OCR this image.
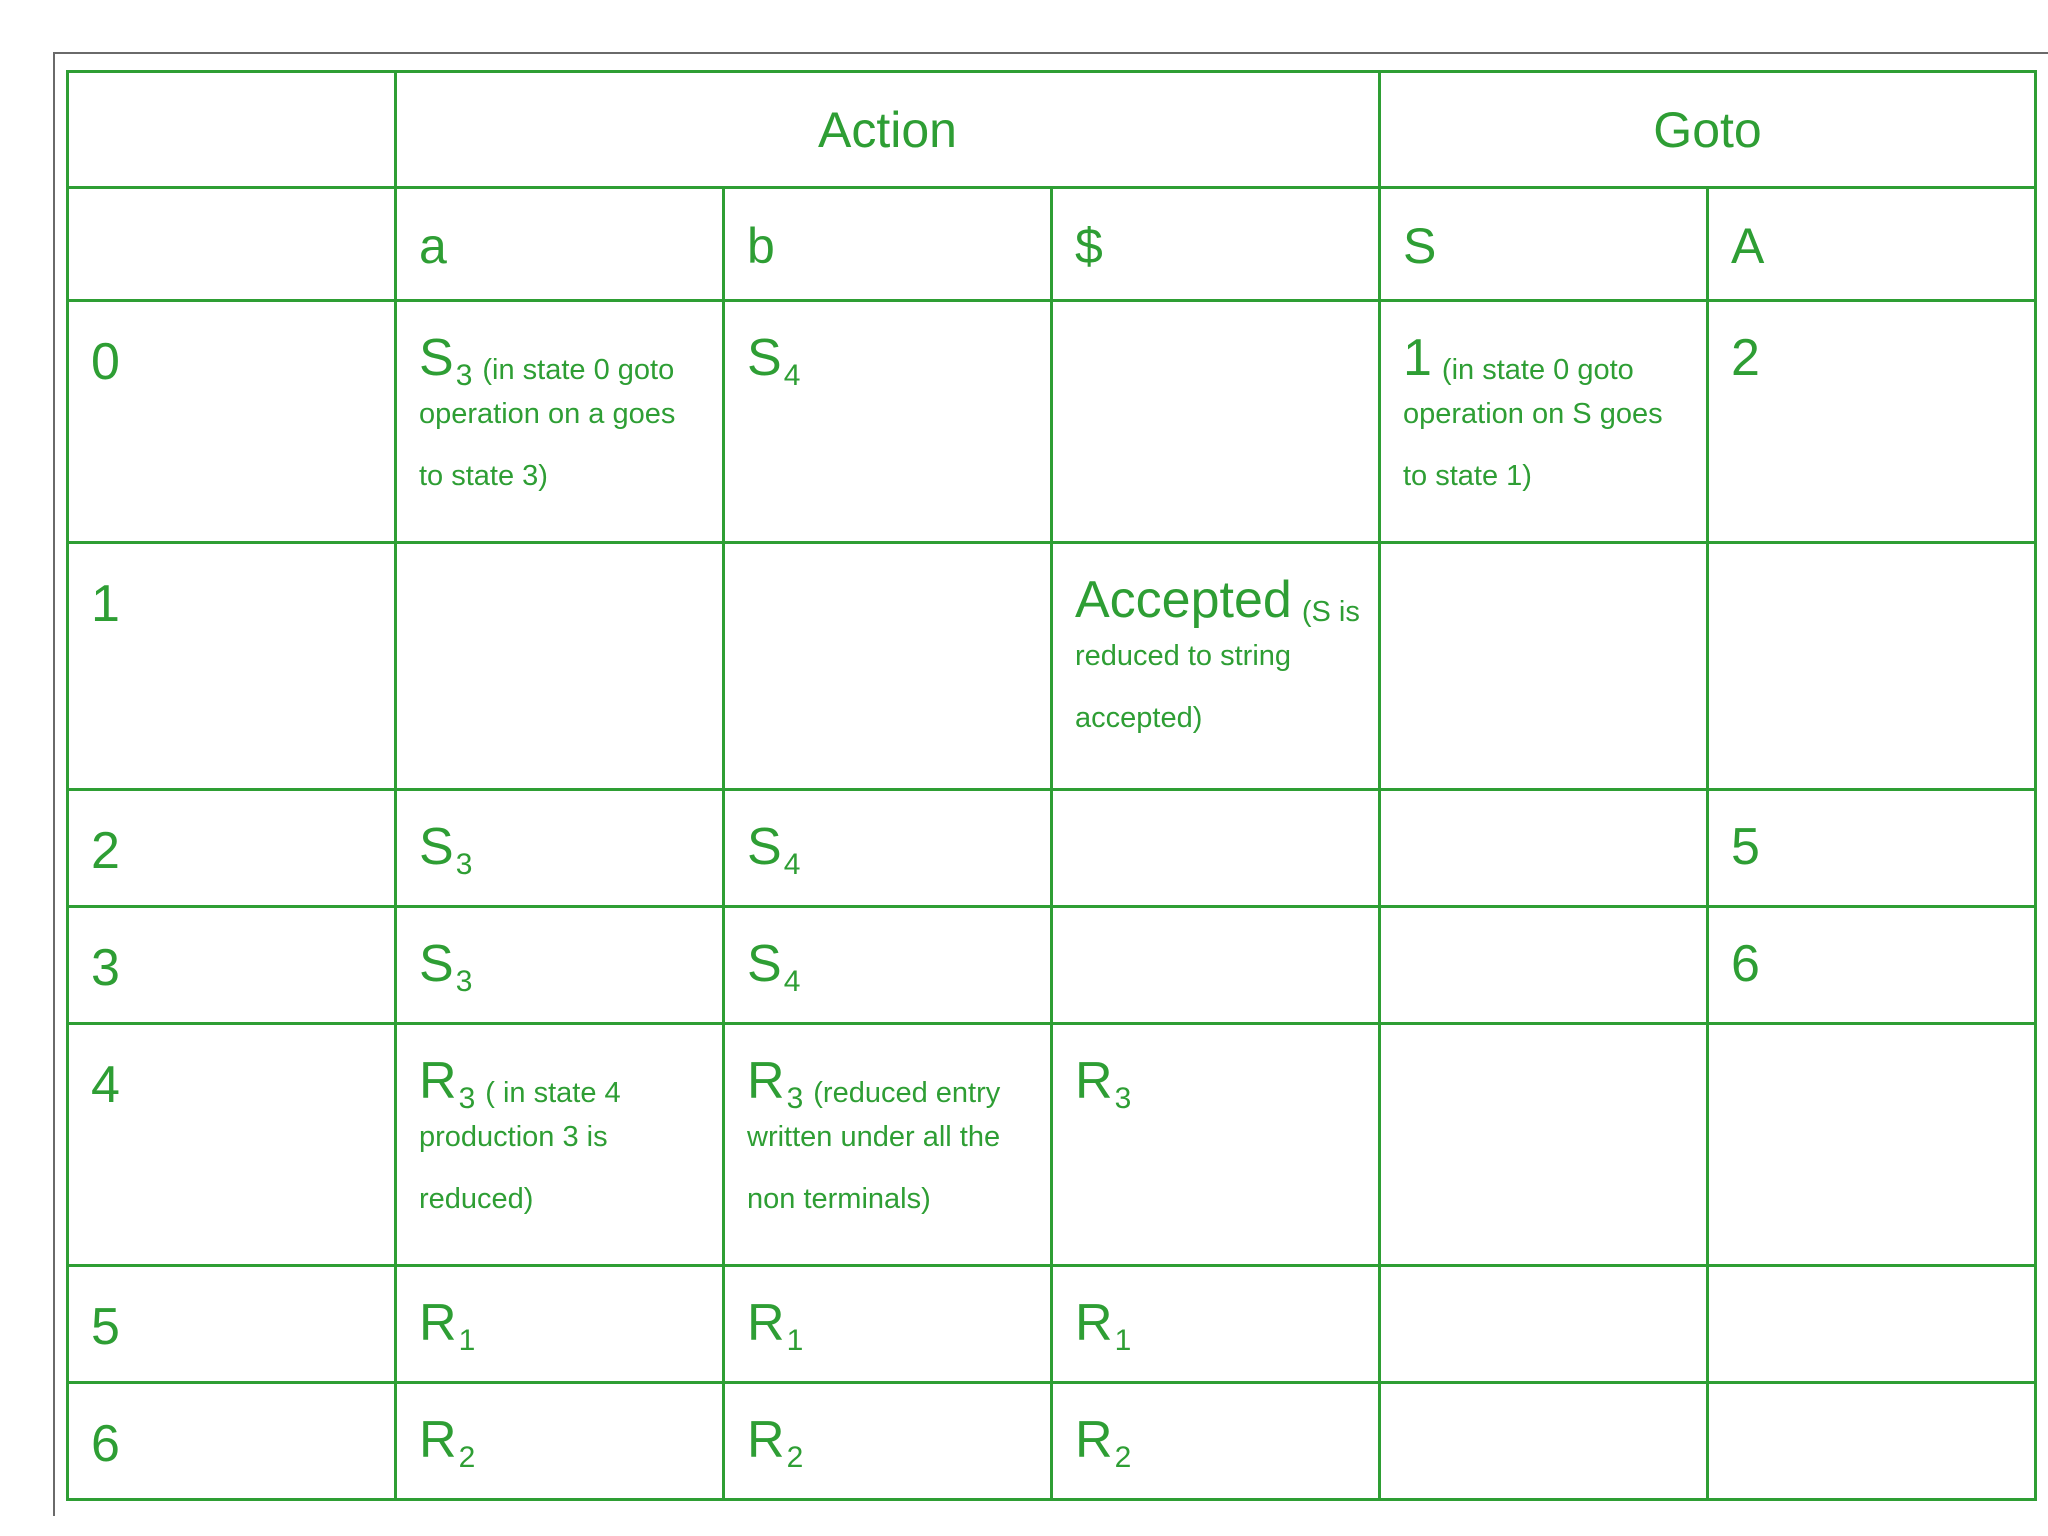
	Action			Goto	
	a	b	$	S	A
0	$S_3$ (in state 0 goto
operation on a goes
to state 3)	$S_4$		1 (in state 0 goto
operation on S goes
to state 1)	2
1			Accepted (S is
reduced to string
accepted)		

2	$S_3$	$S_4$			5
3	$S_3$	$S_4$			6
4	$R_3$ ( in state 4
production 3 is
reduced)	$R_3$ (reduced entry
written under all the
non terminals)	$R_3$		
5	$R_1$	$R_1$	$R_1$		
6	$R_2$	$R_2$	$R_2$		
